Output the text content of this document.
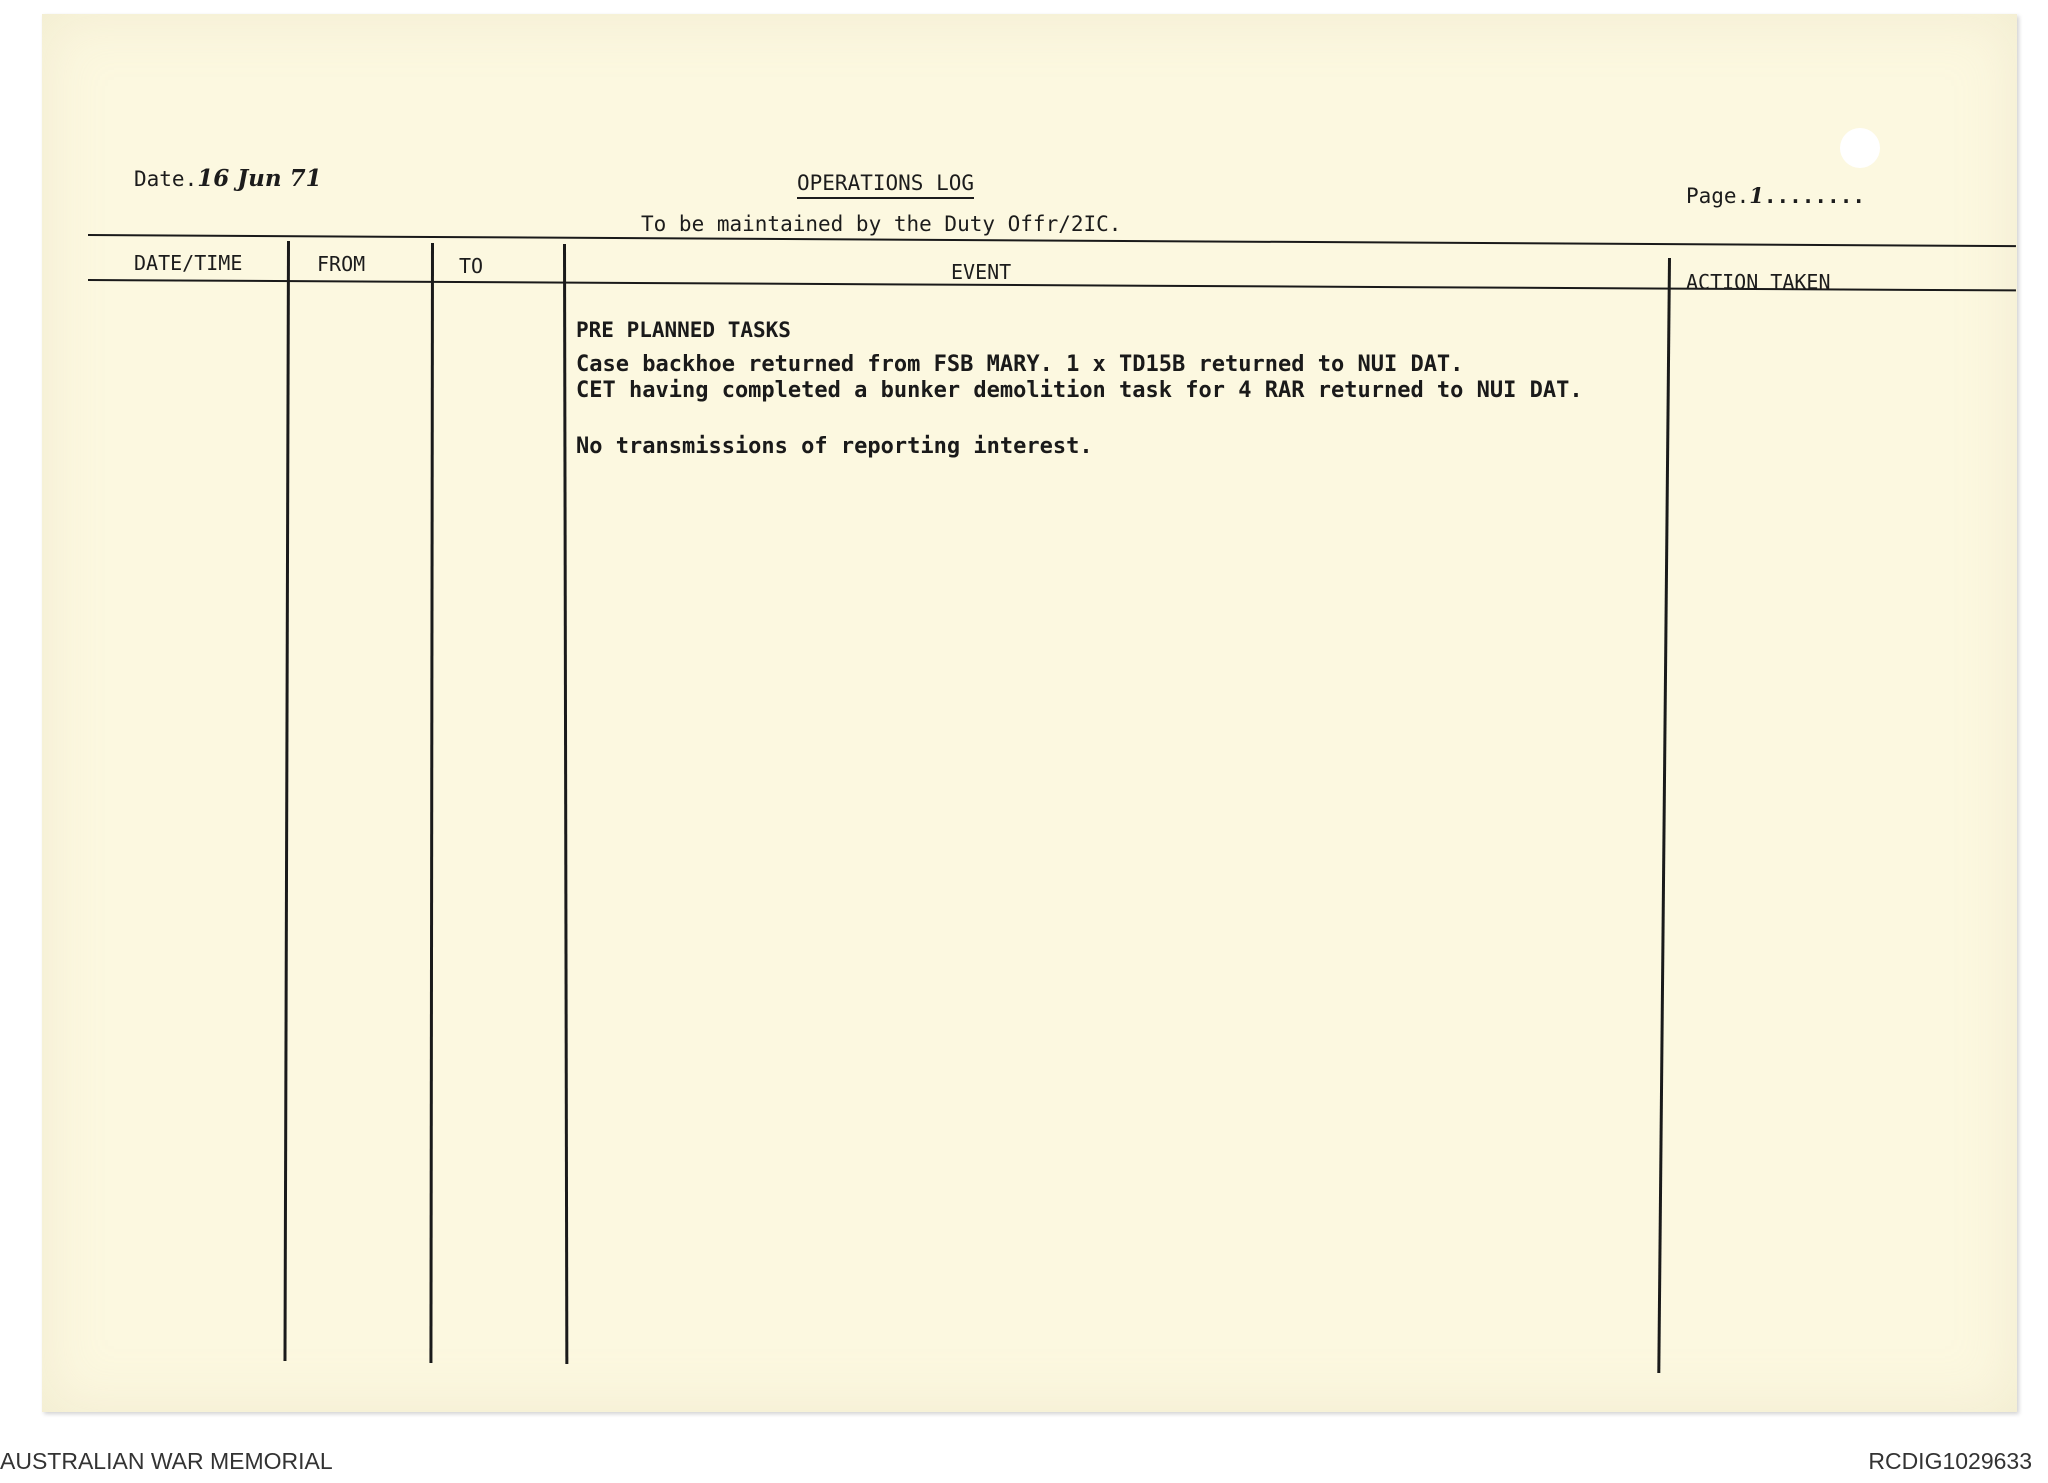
Date.16 Jun 71	OPERATIONS LOG
To be maintained by the Duty Offr/2IC.
Page.1........
DATE/TIME	FROM	TO	EVENT	ACTION TAKEN
PRE PLANNED TASKS
Case backhoe returned from FSB MARY. 1 x TD15B returned to NUI DAT.
CET having completed a bunker demolition task for 4 RAR returned to NUI DAT.
No transmissions of reporting interest.
AUSTRALIAN WAR MEMORIAL	RCDIG1029633
